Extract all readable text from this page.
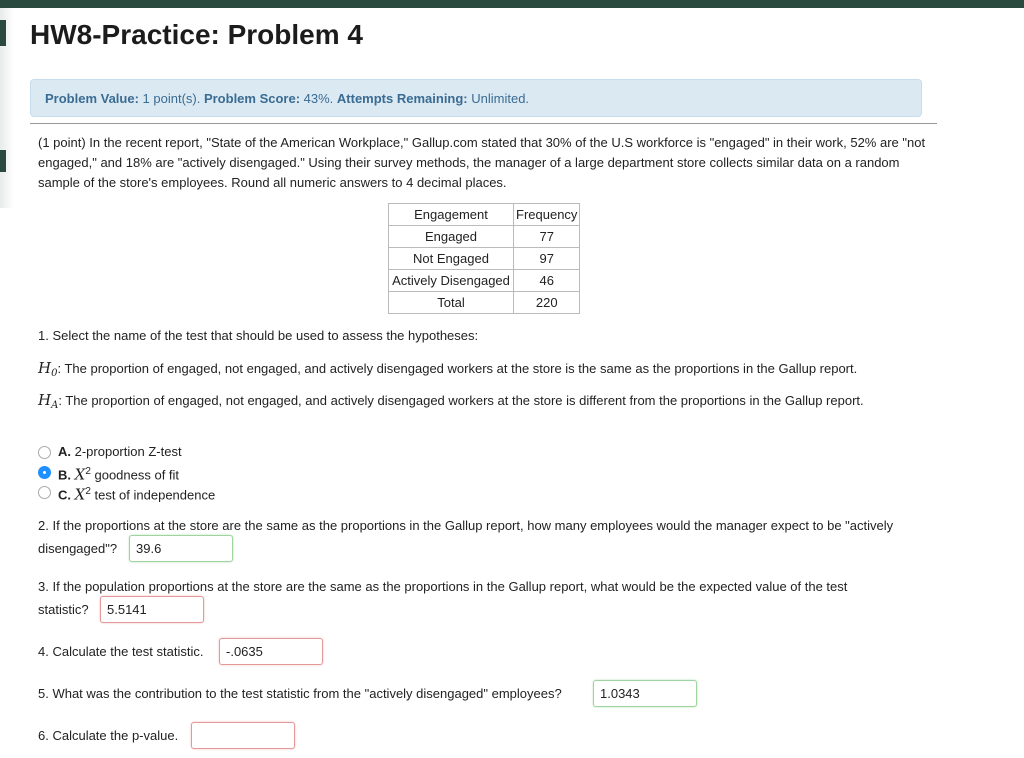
HW8-Practice: Problem 4
Problem Value: 1 point(s). Problem Score: 43%. Attempts Remaining: Unlimited.
(1 point) In the recent report, "State of the American Workplace," Gallup.com stated that 30% of the U.S workforce is "engaged" in their work, 52% are "not engaged," and 18% are "actively disengaged." Using their survey methods, the manager of a large department store collects similar data on a random sample of the store's employees. Round all numeric answers to 4 decimal places.
Engagement	Frequency
Engaged	77
Not Engaged	97
Actively Disengaged	46
Total	220
1. Select the name of the test that should be used to assess the hypotheses:
$H_0$: The proportion of engaged, not engaged, and actively disengaged workers at the store is the same as the proportions in the Gallup report.
$H_A$: The proportion of engaged, not engaged, and actively disengaged workers at the store is different from the proportions in the Gallup report.
A. 2-proportion Z-test
B. $X^2$ goodness of fit
C. $X^2$ test of independence
2. If the proportions at the store are the same as the proportions in the Gallup report, how many employees would the manager expect to be "actively
disengaged"?
39.6
3. If the population proportions at the store are the same as the proportions in the Gallup report, what would be the expected value of the test
statistic?
5.5141
4. Calculate the test statistic.
-.0635
5. What was the contribution to the test statistic from the "actively disengaged" employees?
1.0343
6. Calculate the p-value.
